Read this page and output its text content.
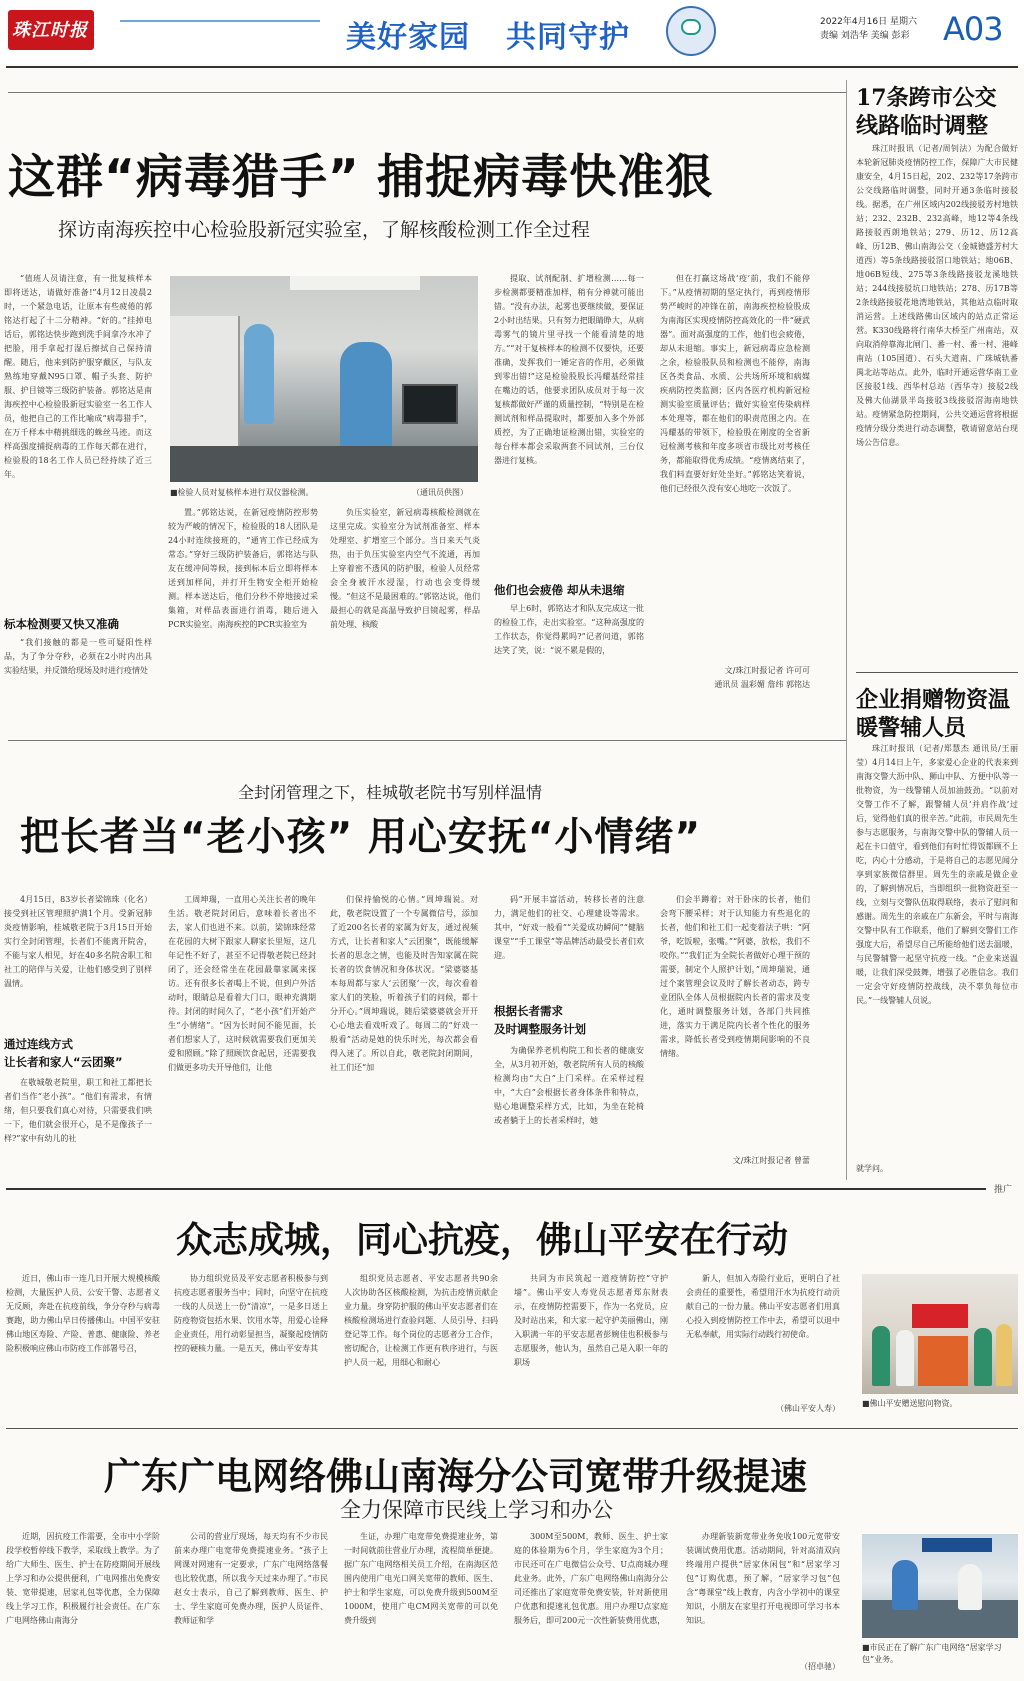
珠江时报	美好家园 共同守护	2022年4月16日 星期六
责编 刘浩华 美编 彭彩 A03
这群“病毒猎手” 捕捉病毒快准狠
探访南海疾控中心检验股新冠实验室，了解核酸检测工作全过程

“值班人员请注意，有一批复核样本即将送达，请做好准备!”4月12日凌晨2时，一个紧急电话，让原本有些疲倦的郭铭达打起了十二分精神。“好的。”挂掉电话后，郭铭达快步跑到洗手间拿冷水冲了把脸，用手拿起打湿后擦拭自己保持清醒。随后，他来到防护服穿戴区，与队友熟练地穿戴N95口罩、帽子头套、防护服、护目镜等三级防护装备。郭铭达是南海疾控中心检验股新冠实验室一名工作人员，他把自己的工作比喻成“病毒猎手”，在万千样本中精挑细选的蛛丝马迹。而这样高强度捕捉病毒的工作每天都在进行，检验股的18名工作人员已经持续了近三年。

标本检测要又快又准确

“我们接触的都是一些可疑阳性样品，为了争分夺秒，必须在2小时内出具实验结果，并反馈给现场及时进行疫情处

■检验人员对复核样本进行双仪器检测。	（通讯员供图）

置。”郭铭达说，在新冠疫情防控形势较为严峻的情况下，检验股的18人团队是24小时连续接班的，“通宵工作已经成为常态。”穿好三级防护装备后，郭铭达与队友在缓冲间等候，接到标本后立即将样本送到加样间，并打开生物安全柜开始检测。样本送达后，他们分秒不停地接过采集箱，对样品表面进行消毒，随后进入PCR实验室。南海疾控的PCR实验室为

负压实验室，新冠病毒核酸检测就在这里完成。实验室分为试剂准备室、样本处理室、扩增室三个部分。当日来天气炎热，由于负压实验室内空气不流通，再加上穿着密不透风的防护服，检验人员经常会全身被汗水浸湿，行动也会变得缓慢。“但这不是最困难的。”郭铭达说，他们最担心的就是高温导致护目镜起雾，样品前处理、核酸

提取、试剂配制、扩增检测……每一步检测都要精准加样，稍有分神就可能出错。“没有办法，起雾也要继续做，要保证2小时出结果。只有努力把眼睛睁大，从病毒雾气的镜片里寻找一个能看清楚的地方。”“对于复核样本的检测不仅要快，还要准确，发挥我们一锤定音的作用，必须做到零出错!”这是检验股股长冯耀基经常挂在嘴边的话，他要求团队成员对于每一次复核都做好严谨的质量控制，“特别是在检测试剂和样品提取时，都要加入多个外部质控，为了正确地证检测出错，实验室的每台样本都会采取两套不同试剂，三台仪器进行复核。

他们也会疲倦 却从未退缩

早上6时，郭铭达才和队友完成这一批的检验工作，走出实验室。“这种高强度的工作状态，你觉得累吗?”记者问道，郭铭达笑了笑，说：“说不累是假的，

但在打赢这场战‘疫’前，我们不能停下。”从疫情初期的坚定执行，再到疫情形势严峻时的冲锋在前，南海疾控检验股成为南海区实现疫情防控高效化的一件“硬武器”。面对高强度的工作，他们也会疲倦，却从未退缩。事实上，新冠病毒应急检测之余，检验股队员和检测也不能停，南海区各类食品、水质、公共场所环境和病媒疾病防控类监测；区内各医疗机构新冠检测实验室质量评估；做好实验室传染病样本处理等，都在他们的职责范围之内。在冯耀基的带领下，检验股在刚度的全省新冠检测考核和年度多项省市级比对考核任务，都能取得优秀成绩。“疫情离结束了，我们料直要好好处坐好。”郭铭达笑着说，他们已经很久没有安心地吃一次饭了。

文/珠江时报记者 许可可
通讯员 温彩媚 詹纬 郭铭达
全封闭管理之下，桂城敬老院书写别样温情
把长者当“老小孩” 用心安抚“小情绪”

4月15日，83岁长者梁锦珠（化名）接受到社区管理照护满1个月。受新冠肺炎疫情影响，桂城敬老院于3月15日开始实行全封闭管理，长者们不能离开院舍，不能与家人相见，好在40多名院舍职工和社工的陪伴与关爱，让他们感受到了别样温情。

通过连线方式
让长者和家人“云团聚”

在敬城敬老院里，职工和社工都把长者们当作“老小孩”。“他们有需求，有情绪，但只要我们真心对待，只需要我们哄一下，他们就会很开心，是不是像孩子一样?”家中有幼儿的社

工周坤瑞，一直用心关注长者的晚年生活。敬老院封闭后，意味着长者出不去，家人们也进不来。以前，梁锦珠经常在花园的大树下跟家人聊家长里短，这几年记性不好了，甚至不记得敬老院已经封闭了，还会经常坐在花园最靠家属来探访。还有很多长者喝上不说，但到户外活动时，眼睛总是看着大门口，眼神充满期待。封闭的时间久了，“老小孩”们开始产生“小情绪”。“因为长时间不能见面，长者们想家人了，这时候就需要我们更加关爱和照顾。”除了照顾饮食起居，还需要我们做更多功夫开导他们，让他

们保持愉悦的心情。”周坤瑞说。对此，敬老院设置了一个专属微信号，添加了近200名长者的家属为好友，通过视频方式，让长者和家人“云团聚”，既能缓解长者的思念之情，也能及时告知家属在院长者的饮食情况和身体状况。“梁婆婆基本每周都与家人‘云团聚’一次，每次看着家人们的笑脸，听着孩子们的问候，都十分开心。”周坤瑞说，随后梁婆婆就会开开心心地去看戏听戏了。每周二的“好戏一般看”活动是她的快乐时光，每次都会看得入迷了。所以自此，敬老院封闭期间，社工们还“加

码”开展丰富活动，转移长者的注意力，满足他们的社交、心理建设等需求。其中，“好戏一般看”“关爱成功瞬间”“健脑课堂”“手工课堂”等品牌活动最受长者们欢迎。

根据长者需求
及时调整服务计划

为确保养老机构院工和长者的健康安全，从3月初开始，敬老院所有人员的核酸检测均由“大白”上门采样。在采样过程中，“大白”会根据长者身体条件和特点，贴心地调整采样方式，比如，为坐在轮椅或者躺于上的长者采样时，她

们会半蹲着；对于卧床的长者，他们会弯下腰采样；对于认知能力有些退化的长者，他们和社工们一起变着法子哄：“阿爷，吃饭啦，张嘴。”“阿婆，放松，我们不咬你。”“我们正为全院长者做好心理干预的需要，制定个人照护计划，”周坤瑞说，通过个案管理会议及时了解长者动态，跨专业团队全体人员根据院内长者的需求及变化，通时调整服务计划，各部门共同推进，落实力于满足院内长者个性化的服务需求，降低长者受到疫情期间影响的不良情绪。

文/珠江时报记者 曾蕾
17条跨市公交线路临时调整

珠江时报讯（记者/周钊法）为配合做好本轮新冠肺炎疫情防控工作，保障广大市民健康安全，4月15日起，202、232等17条跨市公交线路临时调整，同时开通3条临时接驳线。据悉，在广州区域内202线接驳芳村地铁站；232、232B、232高峰，地12等4条线路接驳西朗地铁站；279、历12、历12高峰、历12B、佛山南海公交（金城德盛芳村大道西）等5条线路接驳滘口地铁站；地06B、地06B短线、275等3条线路接驳龙溪地铁站；244线接驳坑口地铁站；278、历17B等2条线路接驳花地湾地铁站，其他站点临时取消运营。上述线路佛山区域内的站点正常运营。K330线路将行南华大桥至广州南站，双向取消停靠海北闸门、番一村、番一村、港峰南站（105国道）、石头大道南、广珠城轨番禺北站等站点。此外，临时开通运营华南工业区接驳1线、西华村总站（西华寺）接驳2线及佛大仙湖景半岛接驳3线接驳滘海南地铁站。疫情紧急防控期间，公共交通运营将根据疫情分级分类进行动态调整，敬请留意站台现场公告信息。

企业捐赠物资温暖警辅人员

珠江时报讯（记者/郑慧杰 通讯员/王丽莹）4月14日上午，多家爱心企业的代表来到南海交警大沥中队、狮山中队、方便中队等一批物资，为一线警辅人员加油鼓劲。“以前对交警工作不了解，跟警辅人员‘并肩作战’过后，觉得他们真的很辛苦。”此前，市民周先生参与志愿服务，与南海交警中队的警辅人员一起在卡口值守，看到他们有时忙得饭都顾不上吃，内心十分感动，于是将自己的志愿见闻分享到家族微信群里。周先生的亲戚是做企业的，了解到情况后，当即组织一批物资赶至一线，立刻与交警队伍取得联络，表示了慰问和感谢。周先生的亲戚在广东新会，平时与南海交警中队有工作联系，他们了解到交警们工作强度大后，希望尽自己所能给他们送去温暖，与民警辅警一起坚守抗疫一线。“企业来送温暖，让我们深受鼓舞，增强了必胜信念。我们一定会守好疫情防控战线，决不辜负每位市民。”一线警辅人员说。

就学问。
推广
众志成城，同心抗疫，佛山平安在行动

近日，佛山市一连几日开展大规模核酸检测，大量医护人员、公安干警、志愿者义无反顾，奔赴在抗疫前线，争分夺秒与病毒赛跑，助力佛山早日传播佛山。中国平安驻佛山地区寿险、产险、普惠、健康险、养老险积极响应佛山市防疫工作部署号召，

协力组织党员及平安志愿者积极参与到抗疫志愿者服务当中；同时，向坚守在抗疫一线的人员送上一份“清凉”，一是多日送上防疫物资包括水果、饮用水等，用爱心诠释企业责任，用行动彰显担当，凝聚起疫情防控的硬核力量。一是五天，佛山平安寿其

组织党员志愿者、平安志愿者共90余人次协助各区核酸检测，为抗击疫情贡献企业力量。身穿防护服的佛山平安志愿者们在核酸检测场进行查验问题、人员引导、扫码登记等工作。每个岗位的志愿者分工合作，密切配合，让检测工作更有秩序进行，与医护人员一起，用细心和耐心

共同为市民筑起一道疫情防控“守护墙”。佛山平安人寿党员志愿者郑东财表示，在疫情防控需要下，作为一名党员，应及时站出来，和大家一起守护美丽佛山，刚入职满一年的平安志愿者彭婉佳也积极参与志愿服务，他认为，虽然自己是入职一年的职场

新人，但加入寿险行业后，更明白了社会责任的重要性，希望用汗水为抗疫行动贡献自己的一份力量。佛山平安志愿者们用真心投入到疫情防控工作中去，希望可以退中无私奉献，用实际行动践行初使命。

（佛山平安人寿）
■佛山平安赠送慰问物资。
广东广电网络佛山南海分公司宽带升级提速
全力保障市民线上学习和办公

近期，因抗疫工作需要，全市中小学阶段学校暂停线下教学，采取线上教学。为了给广大师生、医生、护士在防疫期间开展线上学习和办公提供便利，广电网推出免费安装、宽带提速，居家礼包等优惠，全力保障线上学习工作，积极履行社会责任。在广东广电网络佛山南海分

公司的营业厅现场，每天均有不少市民前来办理广电宽带免费提速业务。“孩子上网课对网速有一定要求，广东广电网络落餐也比较优惠，所以我今天过来办理了。”市民赵女士表示，自己了解到教师、医生、护士、学生家庭可免费办理，医护人员证件、教师证和学

生证，办理广电宽带免费提速业务，第一时间就前往营业厅办理，流程简单便捷。据广东广电网络相关员工介绍，在南海区范围内使用广电光口网关宽带的教师、医生、护士和学生家庭，可以免费升级到500M至1000M，使用广电CM网关宽带的可以免费升级到

300M至500M，教师、医生、护士家庭的体验期为6个月，学生家庭为3个月；市民还可在广电微信公众号、U点商城办理此业务。此外，广东广电网络佛山南海分公司还推出了家庭宽带免费安装，针对新使用户优惠和提速礼包优惠。用户办理U点家庭服务后，即可200元一次性新装费用优惠，

办理新装新宽带业务免收100元宽带安装调试费用优惠。活动期间，针对高清双向终端用户提供“居家休闲包”和“居家学习包”订购优惠，预了解，“居家学习包”包含“粤课堂”线上教育，内含小学初中的课堂知识，小朋友在家里打开电视即可学习书本知识。

（招卓驰）
■市民正在了解广东广电网络“居家学习包”业务。
